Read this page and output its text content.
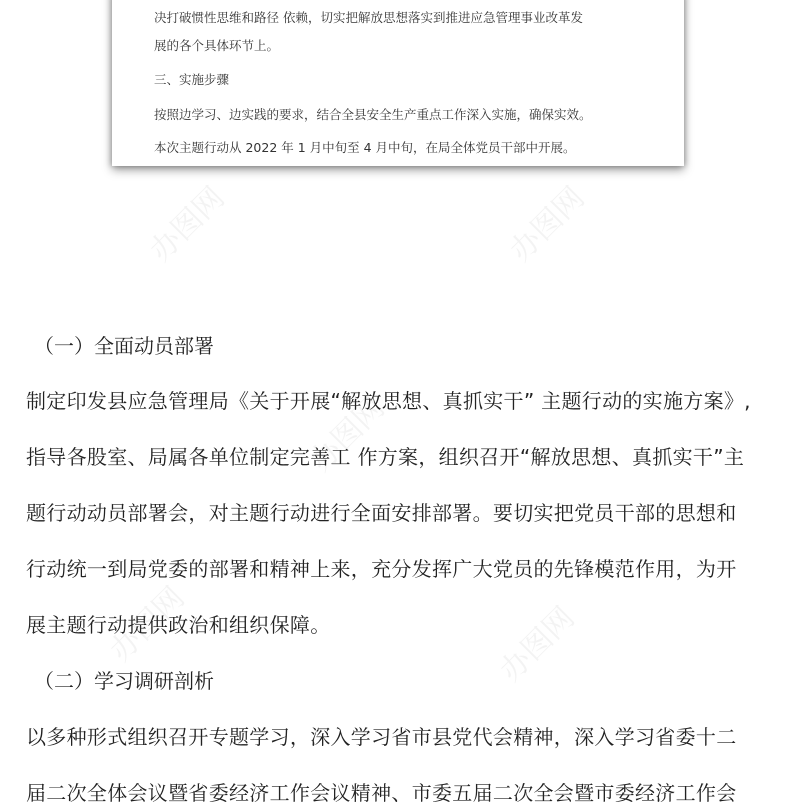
办图网	办图网
办图网
办图网	办图网
决打破惯性思维和路径 依赖，切实把解放思想落实到推进应急管理事业改革发
展的各个具体环节上。
三、实施步骤
按照边学习、边实践的要求，结合全县安全生产重点工作深入实施，确保实效。
本次主题行动从 2022 年 1 月中旬至 4 月中旬，在局全体党员干部中开展。
（一）全面动员部署
制定印发县应急管理局《关于开展“解放思想、真抓实干” 主题行动的实施方案》,
指导各股室、局属各单位制定完善工 作方案，组织召开“解放思想、真抓实干”主
题行动动员部署会，对主题行动进行全面安排部署。要切实把党员干部的思想和
行动统一到局党委的部署和精神上来，充分发挥广大党员的先锋模范作用，为开
展主题行动提供政治和组织保障。
（二）学习调研剖析
以多种形式组织召开专题学习，深入学习省市县党代会精神，深入学习省委十二
届二次全体会议暨省委经济工作会议精神、市委五届二次全会暨市委经济工作会
